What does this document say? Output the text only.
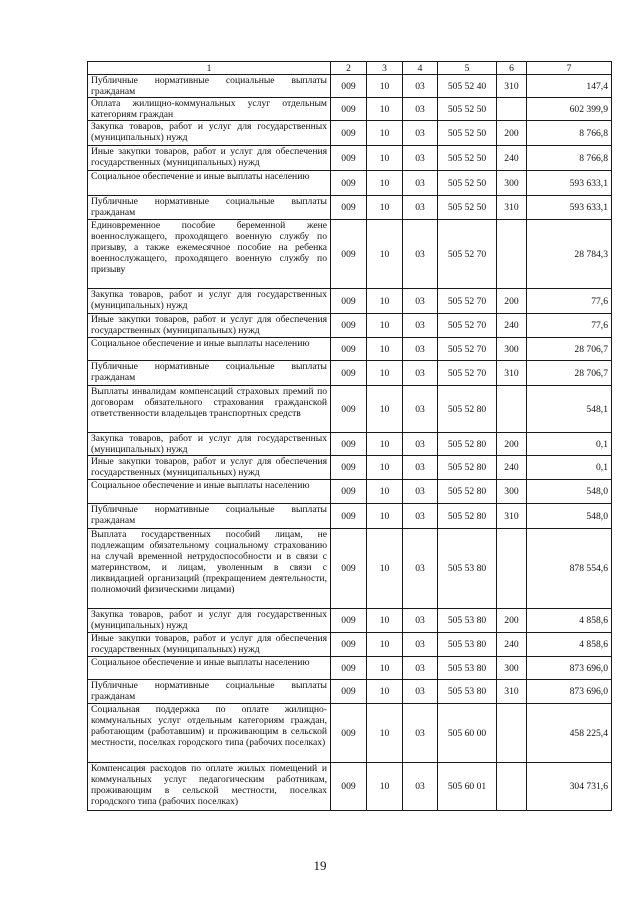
1	2	3	4	5	6	7
Публичные нормативные социальные выплаты гражданам	009	10	03	505 52 40	310	147,4
Оплата жилищно-коммунальных услуг отдельным категориям граждан	009	10	03	505 52 50		602 399,9
Закупка товаров, работ и услуг для государственных (муниципальных) нужд	009	10	03	505 52 50	200	8 766,8
Иные закупки товаров, работ и услуг для обеспечения государственных (муниципальных) нужд	009	10	03	505 52 50	240	8 766,8
Социальное обеспечение и иные выплаты населению	009	10	03	505 52 50	300	593 633,1
Публичные нормативные социальные выплаты гражданам	009	10	03	505 52 50	310	593 633,1
Единовременное пособие беременной жене военнослужащего, проходящего военную службу по призыву, а также ежемесячное пособие на ребенка военнослужащего, проходящего военную службу по призыву	009	10	03	505 52 70		28 784,3
Закупка товаров, работ и услуг для государственных (муниципальных) нужд	009	10	03	505 52 70	200	77,6
Иные закупки товаров, работ и услуг для обеспечения государственных (муниципальных) нужд	009	10	03	505 52 70	240	77,6
Социальное обеспечение и иные выплаты населению	009	10	03	505 52 70	300	28 706,7
Публичные нормативные социальные выплаты гражданам	009	10	03	505 52 70	310	28 706,7
Выплаты инвалидам компенсаций страховых премий по договорам обязательного страхования гражданской ответственности владельцев транспортных средств	009	10	03	505 52 80		548,1
Закупка товаров, работ и услуг для государственных (муниципальных) нужд	009	10	03	505 52 80	200	0,1
Иные закупки товаров, работ и услуг для обеспечения государственных (муниципальных) нужд	009	10	03	505 52 80	240	0,1
Социальное обеспечение и иные выплаты населению	009	10	03	505 52 80	300	548,0
Публичные нормативные социальные выплаты гражданам	009	10	03	505 52 80	310	548,0
Выплата государственных пособий лицам, не подлежащим обязательному социальному страхованию на случай временной нетрудоспособности и в связи с материнством, и лицам, уволенным в связи с ликвидацией организаций (прекращением деятельности, полномочий физическими лицами)	009	10	03	505 53 80		878 554,6
Закупка товаров, работ и услуг для государственных (муниципальных) нужд	009	10	03	505 53 80	200	4 858,6
Иные закупки товаров, работ и услуг для обеспечения государственных (муниципальных) нужд	009	10	03	505 53 80	240	4 858,6
Социальное обеспечение и иные выплаты населению	009	10	03	505 53 80	300	873 696,0
Публичные нормативные социальные выплаты гражданам	009	10	03	505 53 80	310	873 696,0
Социальная поддержка по оплате жилищно-коммунальных услуг отдельным категориям граждан, работающим (работавшим) и проживающим в сельской местности, поселках городского типа (рабочих поселках)	009	10	03	505 60 00		458 225,4
Компенсация расходов по оплате жилых помещений и коммунальных услуг педагогическим работникам, проживающим в сельской местности, поселках городского типа (рабочих поселках)	009	10	03	505 60 01		304 731,6
19
